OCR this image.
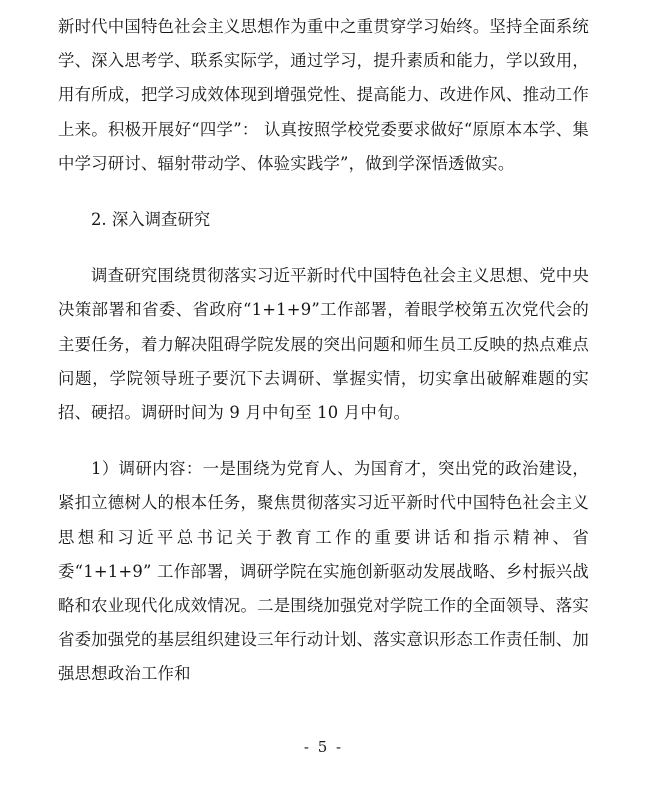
新时代中国特色社会主义思想作为重中之重贯穿学习始终。坚持全面系统学、深入思考学、联系实际学，通过学习，提升素质和能力，学以致用，用有所成，把学习成效体现到增强党性、提高能力、改进作风、推动工作上来。积极开展好“四学”： 认真按照学校党委要求做好“原原本本学、集中学习研讨、辐射带动学、体验实践学”，做到学深悟透做实。

2. 深入调查研究

调查研究围绕贯彻落实习近平新时代中国特色社会主义思想、党中央决策部署和省委、省政府“1+1+9”工作部署，着眼学校第五次党代会的主要任务，着力解决阻碍学院发展的突出问题和师生员工反映的热点难点问题，学院领导班子要沉下去调研、掌握实情，切实拿出破解难题的实招、硬招。调研时间为 9 月中旬至 10 月中旬。

1）调研内容：一是围绕为党育人、为国育才，突出党的政治建设，紧扣立德树人的根本任务，聚焦贯彻落实习近平新时代中国特色社会主义思想和习近平总书记关于教育工作的重要讲话和指示精神、省委“1+1+9” 工作部署，调研学院在实施创新驱动发展战略、乡村振兴战略和农业现代化成效情况。二是围绕加强党对学院工作的全面领导、落实省委加强党的基层组织建设三年行动计划、落实意识形态工作责任制、加强思想政治工作和

- 5 -
